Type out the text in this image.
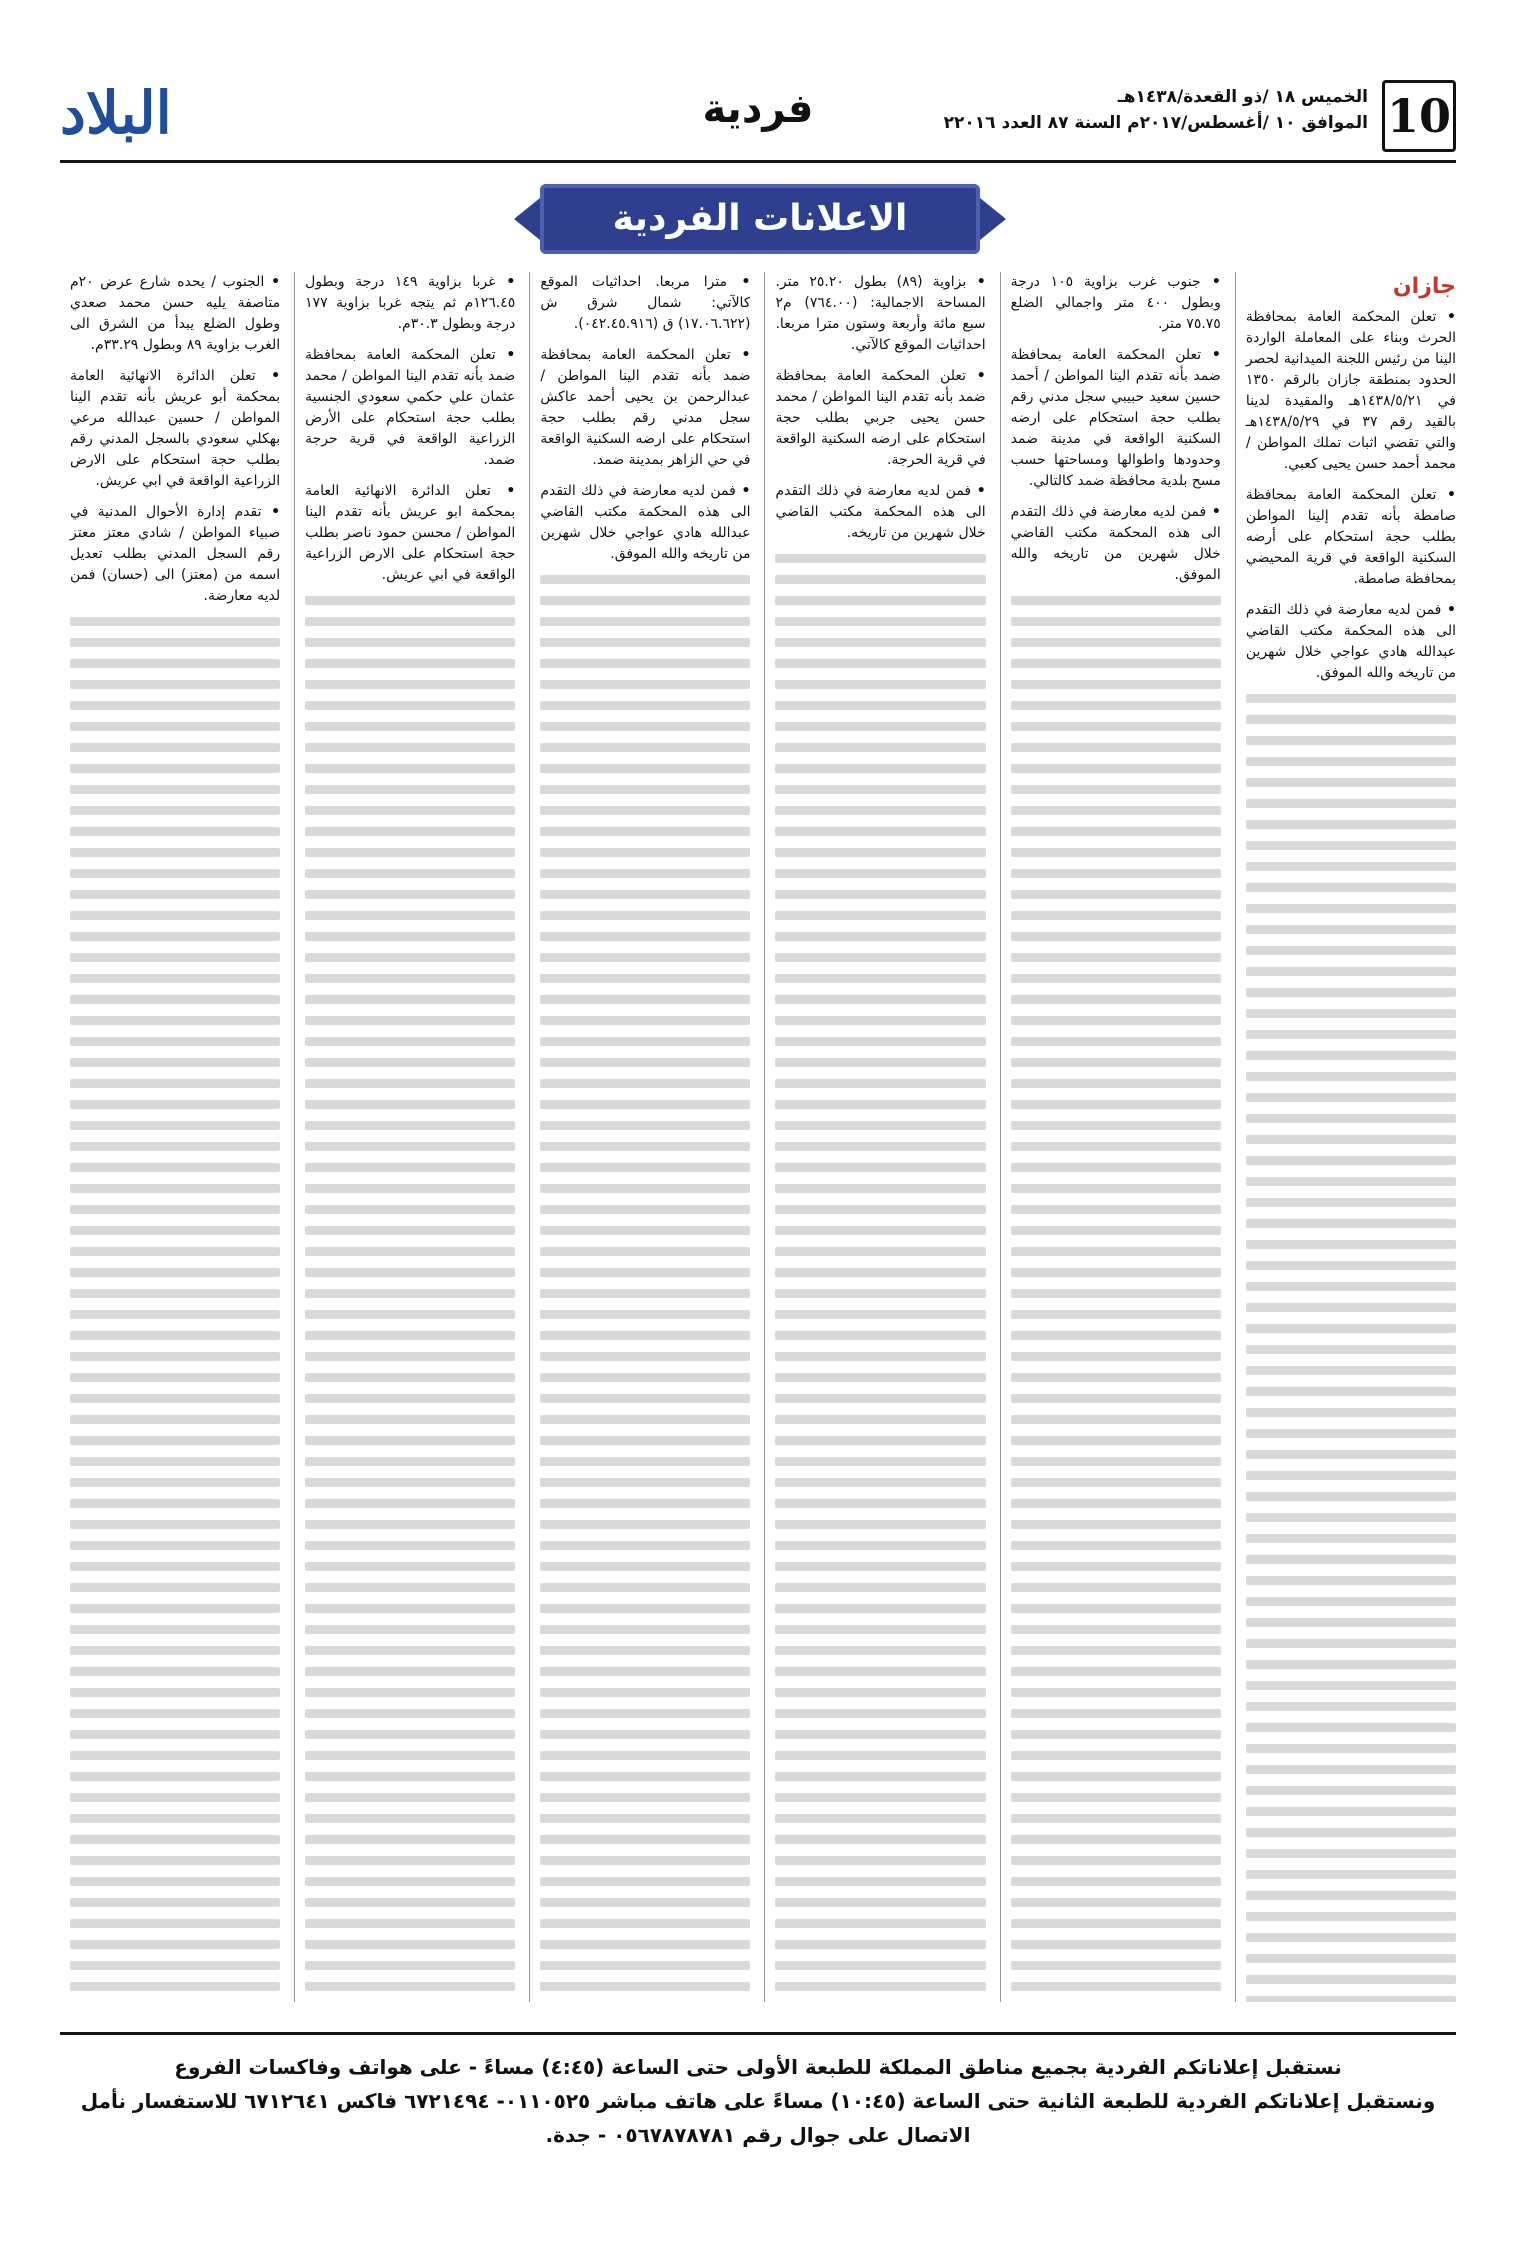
10
الخميس ١٨ /ذو القعدة/١٤٣٨هـ
الموافق ١٠ /أغسطس/٢٠١٧م السنة ٨٧ العدد ٢٢٠١٦
فردية
البلاد
الاعلانات الفردية
جازان

• تعلن المحكمة العامة بمحافظة الحرث وبناء على المعاملة الواردة الينا من رئيس اللجنة الميدانية لحصر الحدود بمنطقة جازان بالرقم ١٣٥٠ في ١٤٣٨/٥/٢١هـ والمقيدة لدينا بالقيد رقم ٣٧ في ١٤٣٨/٥/٢٩هـ والتي تقضي اثبات تملك المواطن / محمد أحمد حسن يحيى كعبي.

• تعلن المحكمة العامة بمحافظة صامطة بأنه تقدم إلينا المواطن بطلب حجة استحكام على أرضه السكنية الواقعة في قرية المحيضي بمحافظة صامطة.

• فمن لديه معارضة في ذلك التقدم الى هذه المحكمة مكتب القاضي عبدالله هادي عواجي خلال شهرين من تاريخه والله الموفق.

• جنوب غرب بزاوية ١٠٥ درجة وبطول ٤٠٠ متر واجمالي الضلع ٧٥.٧٥ متر.

• تعلن المحكمة العامة بمحافظة ضمد بأنه تقدم الينا المواطن / أحمد حسين سعيد حبيبي سجل مدني رقم بطلب حجة استحكام على ارضه السكنية الواقعة في مدينة ضمد وحدودها واطوالها ومساحتها حسب مسح بلدية محافظة ضمد كالتالي.

• فمن لديه معارضة في ذلك التقدم الى هذه المحكمة مكتب القاضي خلال شهرين من تاريخه والله الموفق.

• بزاوية (٨٩) بطول ٢٥.٢٠ متر. المساحة الاجمالية: (٧٦٤.٠٠) م٢ سبع مائة وأربعة وستون مترا مربعا. احداثيات الموقع كالآتي.

• تعلن المحكمة العامة بمحافظة ضمد بأنه تقدم الينا المواطن / محمد حسن يحيى جربي بطلب حجة استحكام على ارضه السكنية الواقعة في قرية الحرجة.

• فمن لديه معارضة في ذلك التقدم الى هذه المحكمة مكتب القاضي خلال شهرين من تاريخه.

• مترا مربعا. احداثيات الموقع كالآتي: شمال شرق ش (١٧.٠٦.٦٢٢) ق (٠٤٢.٤٥.٩١٦).

• تعلن المحكمة العامة بمحافظة ضمد بأنه تقدم الينا المواطن / عبدالرحمن بن يحيى أحمد عاكش سجل مدني رقم بطلب حجة استحكام على ارضه السكنية الواقعة في حي الزاهر بمدينة ضمد.

• فمن لديه معارضة في ذلك التقدم الى هذه المحكمة مكتب القاضي عبدالله هادي عواجي خلال شهرين من تاريخه والله الموفق.

• غربا بزاوية ١٤٩ درجة وبطول ١٢٦.٤٥م ثم يتجه غربا بزاوية ١٧٧ درجة وبطول ٣٠.٣م.

• تعلن المحكمة العامة بمحافظة ضمد بأنه تقدم الينا المواطن / محمد عثمان علي حكمي سعودي الجنسية بطلب حجة استحكام على الأرض الزراعية الواقعة في قرية حرجة ضمد.

• تعلن الدائرة الانهائية العامة بمحكمة ابو عريش بأنه تقدم الينا المواطن / محسن حمود ناصر بطلب حجة استحكام على الارض الزراعية الواقعة في ابي عريش.

• الجنوب / يحده شارع عرض ٢٠م متاصفة يليه حسن محمد صعدي وطول الضلع يبدأ من الشرق الى الغرب بزاوية ٨٩ وبطول ٣٣.٢٩م.

• تعلن الدائرة الانهائية العامة بمحكمة أبو عريش بأنه تقدم الينا المواطن / حسين عبدالله مرعي بهكلي سعودي بالسجل المدني رقم بطلب حجة استحكام على الارض الزراعية الواقعة في ابي عريش.

• تقدم إدارة الأحوال المدنية في صبياء المواطن / شادي معتز معتز رقم السجل المدني بطلب تعديل اسمه من (معتز) الى (حسان) فمن لديه معارضة.

نستقبل إعلاناتكم الفردية بجميع مناطق المملكة للطبعة الأولى حتى الساعة (٤:٤٥) مساءً - على هواتف وفاكسات الفروع
ونستقبل إعلاناتكم الفردية للطبعة الثانية حتى الساعة (١٠:٤٥) مساءً على هاتف مباشر ٠١١٠٥٢٥- ٦٧٢١٤٩٤ فاكس ٦٧١٢٦٤١ للاستفسار نأمل الاتصال على جوال رقم ٠٥٦٧٨٧٨٧٨١ - جدة.
